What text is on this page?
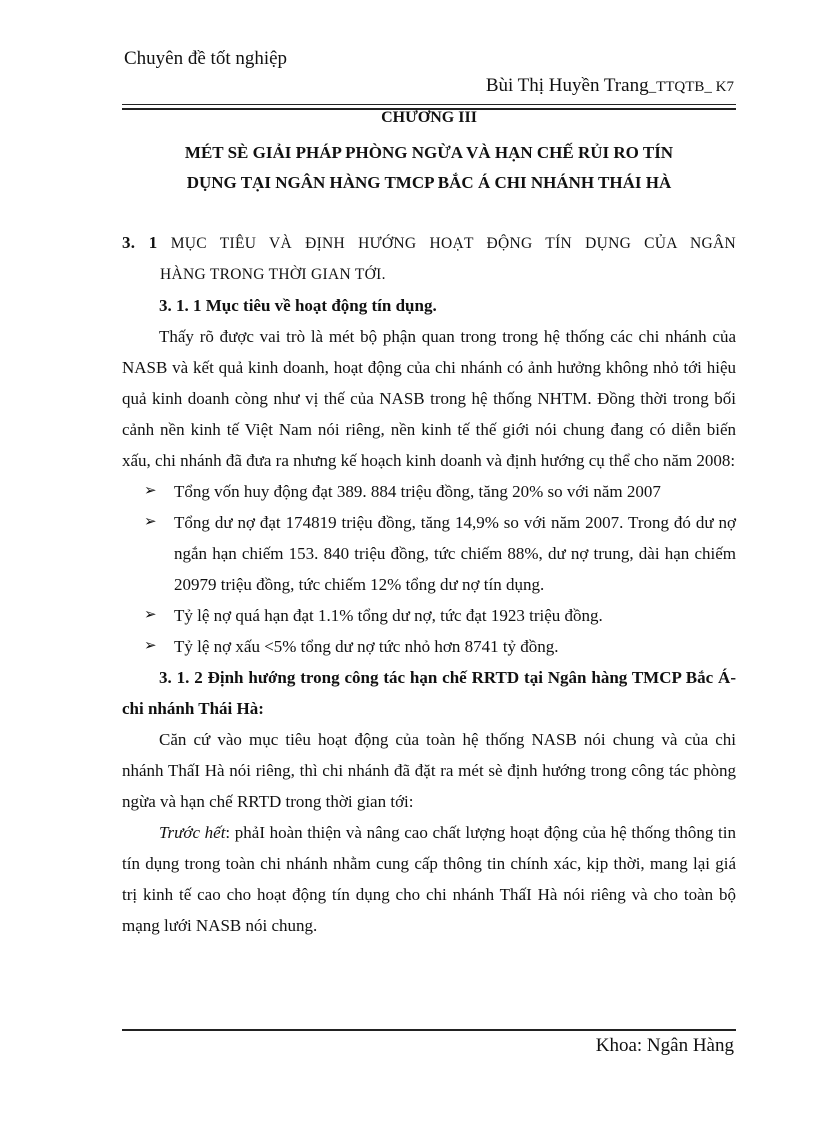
Chuyên đề tốt nghiệp
Bùi Thị Huyền Trang_TTQTB_ K7
CHƯƠNG III
MÉT SÈ GIẢI PHÁP PHÒNG NGỪA VÀ HẠN CHẾ RỦI RO TÍN
DỤNG TẠI NGÂN HÀNG TMCP BẮC Á CHI NHÁNH THÁI HÀ
3. 1 MỤC TIÊU VÀ ĐỊNH HƯỚNG HOẠT ĐỘNG TÍN DỤNG CỦA NGÂN
HÀNG TRONG THỜI GIAN TỚI.
3. 1. 1 Mục tiêu về hoạt động tín dụng.

Thấy rõ được vai trò là mét bộ phận quan trong trong hệ thống các chi nhánh của NASB và kết quả kinh doanh, hoạt động của chi nhánh có ảnh hưởng không nhỏ tới hiệu quả kinh doanh còng như vị thế của NASB trong hệ thống NHTM. Đồng thời trong bối cảnh nền kinh tế Việt Nam nói riêng, nền kinh tế thế giới nói chung đang có diễn biến xấu, chi nhánh đã đưa ra nhưng kế hoạch kinh doanh và định hướng cụ thể cho năm 2008:

➢ Tổng vốn huy động đạt 389. 884 triệu đồng, tăng 20% so với năm 2007
➢ Tổng dư nợ đạt 174819 triệu đồng, tăng 14,9% so với năm 2007. Trong đó dư nợ ngắn hạn chiếm 153. 840 triệu đồng, tức chiếm 88%, dư nợ trung, dài hạn chiếm 20979 triệu đồng, tức chiếm 12% tổng dư nợ tín dụng.
➢ Tỷ lệ nợ quá hạn đạt 1.1% tổng dư nợ, tức đạt 1923 triệu đồng.
➢ Tỷ lệ nợ xấu <5% tổng dư nợ tức nhỏ hơn 8741 tỷ đồng.

3. 1. 2 Định hướng trong công tác hạn chế RRTD tại Ngân hàng TMCP Bắc Á- chi nhánh Thái Hà:

Căn cứ vào mục tiêu hoạt động của toàn hệ thống NASB nói chung và của chi nhánh ThấI Hà nói riêng, thì chi nhánh đã đặt ra mét sè định hướng trong công tác phòng ngừa và hạn chế RRTD trong thời gian tới:

Trước hết: phảI hoàn thiện và nâng cao chất lượng hoạt động của hệ thống thông tin tín dụng trong toàn chi nhánh nhằm cung cấp thông tin chính xác, kịp thời, mang lại giá trị kinh tế cao cho hoạt động tín dụng cho chi nhánh ThấI Hà nói riêng và cho toàn bộ mạng lưới NASB nói chung.

Khoa: Ngân Hàng
